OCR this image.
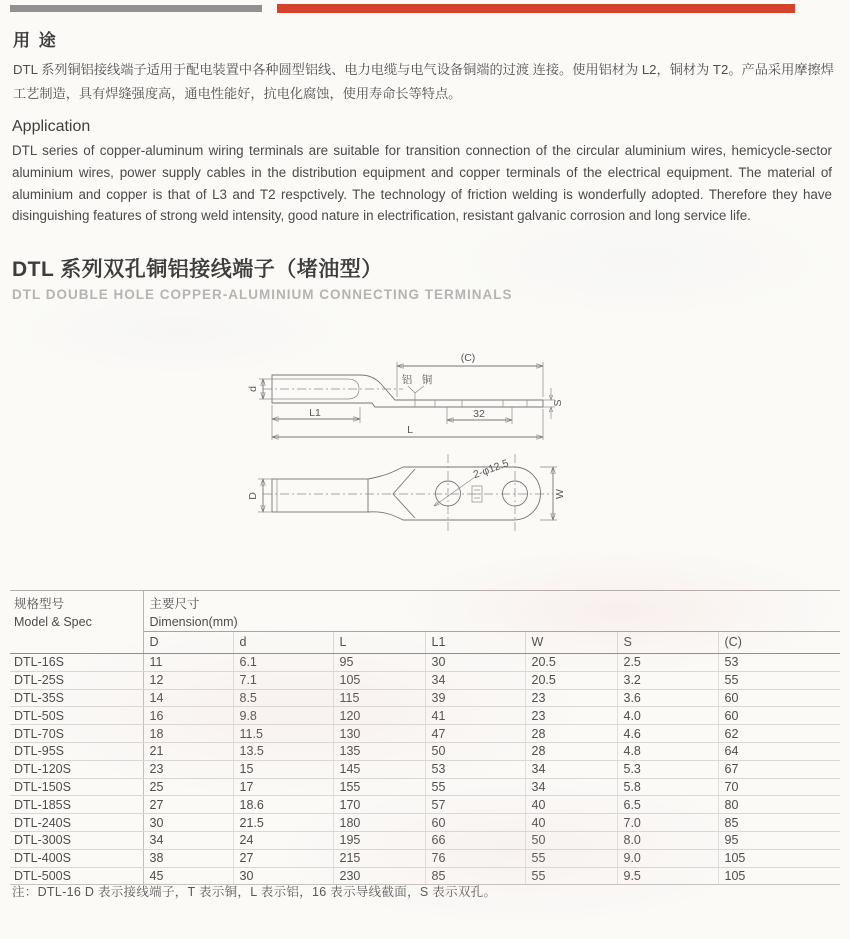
用 途

DTL 系列铜铝接线端子适用于配电装置中各种圆型铝线、电力电缆与电气设备铜端的过渡 连接。使用铝材为 L2，铜材为 T2。产品采用摩擦焊工艺制造，具有焊缝强度高，通电性能好，抗电化腐蚀，使用寿命长等特点。

Application

DTL series of copper-aluminum wiring terminals are suitable for transition connection of the circular aluminium wires, hemicycle-sector aluminium wires, power supply cables in the distribution equipment and copper terminals of the electrical equipment. The material of aluminium and copper is that of L3 and T2 respctively. The technology of friction welding is wonderfully adopted. Therefore they have disinguishing features of strong weld intensity, good nature in electrification, resistant galvanic corrosion and long service life.

DTL 系列双孔铜铝接线端子（堵油型）
DTL DOUBLE HOLE COPPER-ALUMINIUM CONNECTING TERMINALS
铝 铜
(C)
d
L1	32
L
S
2-φ12.5
D	W
规格型号
Model & Spec

主要尺寸
Dimension(mm)

	D	d	L	L1	W	S	(C)
DTL-16S	11	6.1	95	30	20.5	2.5	53
DTL-25S	12	7.1	105	34	20.5	3.2	55
DTL-35S	14	8.5	115	39	23	3.6	60
DTL-50S	16	9.8	120	41	23	4.0	60
DTL-70S	18	11.5	130	47	28	4.6	62
DTL-95S	21	13.5	135	50	28	4.8	64
DTL-120S	23	15	145	53	34	5.3	67
DTL-150S	25	17	155	55	34	5.8	70
DTL-185S	27	18.6	170	57	40	6.5	80
DTL-240S	30	21.5	180	60	40	7.0	85
DTL-300S	34	24	195	66	50	8.0	95
DTL-400S	38	27	215	76	55	9.0	105
DTL-500S	45	30	230	85	55	9.5	105

注：DTL-16 D 表示接线端子，T 表示铜，L 表示铝，16 表示导线截面，S 表示双孔。
